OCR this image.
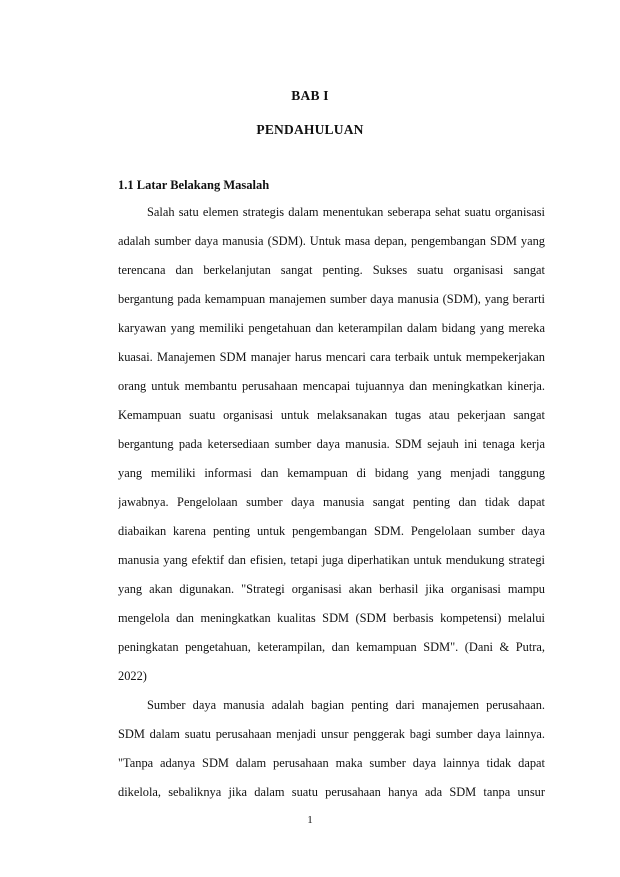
BAB I
PENDAHULUAN
1.1 Latar Belakang Masalah
Salah satu elemen strategis dalam menentukan seberapa sehat suatu organisasi
adalah sumber daya manusia (SDM). Untuk masa depan, pengembangan SDM yang
terencana dan berkelanjutan sangat penting. Sukses suatu organisasi sangat
bergantung pada kemampuan manajemen sumber daya manusia (SDM), yang berarti
karyawan yang memiliki pengetahuan dan keterampilan dalam bidang yang mereka
kuasai. Manajemen SDM manajer harus mencari cara terbaik untuk mempekerjakan
orang untuk membantu perusahaan mencapai tujuannya dan meningkatkan kinerja.
Kemampuan suatu organisasi untuk melaksanakan tugas atau pekerjaan sangat
bergantung pada ketersediaan sumber daya manusia. SDM sejauh ini tenaga kerja
yang memiliki informasi dan kemampuan di bidang yang menjadi tanggung
jawabnya. Pengelolaan sumber daya manusia sangat penting dan tidak dapat
diabaikan karena penting untuk pengembangan SDM. Pengelolaan sumber daya
manusia yang efektif dan efisien, tetapi juga diperhatikan untuk mendukung strategi
yang akan digunakan. "Strategi organisasi akan berhasil jika organisasi mampu
mengelola dan meningkatkan kualitas SDM (SDM berbasis kompetensi) melalui
peningkatan pengetahuan, keterampilan, dan kemampuan SDM". (Dani & Putra,
2022)
Sumber daya manusia adalah bagian penting dari manajemen perusahaan.
SDM dalam suatu perusahaan menjadi unsur penggerak bagi sumber daya lainnya.
"Tanpa adanya SDM dalam perusahaan maka sumber daya lainnya tidak dapat
dikelola, sebaliknya jika dalam suatu perusahaan hanya ada SDM tanpa unsur
1
